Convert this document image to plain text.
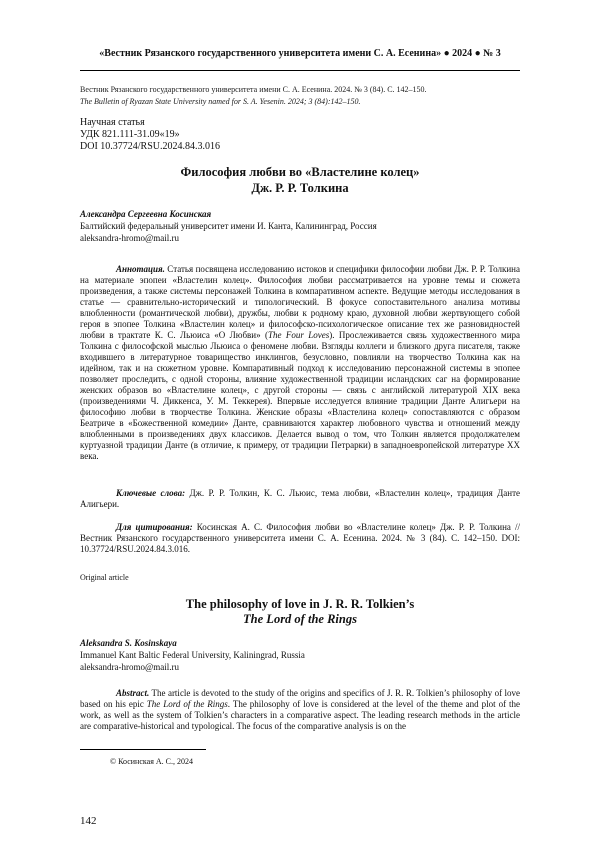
«Вестник Рязанского государственного университета имени С. А. Есенина» ● 2024 ● № 3
Вестник Рязанского государственного университета имени С. А. Есенина. 2024. № 3 (84). С. 142–150.
The Bulletin of Ryazan State University named for S. A. Yesenin. 2024; 3 (84):142–150.
Научная статья
УДК 821.111-31.09«19»
DOI 10.37724/RSU.2024.84.3.016
Философия любви во «Властелине колец»
Дж. Р. Р. Толкина
Александра Сергеевна Косинская
Балтийский федеральный университет имени И. Канта, Калининград, Россия
aleksandra-hromo@mail.ru
Аннотация. Статья посвящена исследованию истоков и специфики философии любви Дж. Р. Р. Толкина на материале эпопеи «Властелин колец». Философия любви рассматривается на уровне темы и сюжета произведения, а также системы персонажей Толкина в компаративном аспекте. Ведущие методы исследования в статье — сравнительно-исторический и типологический. В фокусе сопоставительного анализа мотивы влюбленности (романтической любви), дружбы, любви к родному краю, духовной любви жертвующего собой героя в эпопее Толкина «Властелин колец» и философско-психологическое описание тех же разновидностей любви в трактате К. С. Льюиса «О Любви» (The Four Loves). Прослеживается связь художественного мира Толкина с философской мыслью Льюиса о феномене любви. Взгляды коллеги и близкого друга писателя, также входившего в литературное товарищество инклингов, безусловно, повлияли на творчество Толкина как на идейном, так и на сюжетном уровне. Компаративный подход к исследованию персонажной системы в эпопее позволяет проследить, с одной стороны, влияние художественной традиции исландских саг на формирование женских образов во «Властелине колец», с другой стороны — связь с английской литературой XIX века (произведениями Ч. Диккенса, У. М. Теккерея). Впервые исследуется влияние традиции Данте Алигьери на философию любви в творчестве Толкина. Женские образы «Властелина колец» сопоставляются с образом Беатриче в «Божественной комедии» Данте, сравниваются характер любовного чувства и отношений между влюбленными в произведениях двух классиков. Делается вывод о том, что Толкин является продолжателем куртуазной традиции Данте (в отличие, к примеру, от традиции Петрарки) в западноевропейской литературе XX века.
Ключевые слова: Дж. Р. Р. Толкин, К. С. Льюис, тема любви, «Властелин колец», традиция Данте Алигьери.
Для цитирования: Косинская А. С. Философия любви во «Властелине колец» Дж. Р. Р. Толкина // Вестник Рязанского государственного университета имени С. А. Есенина. 2024. № 3 (84). С. 142–150. DOI: 10.37724/RSU.2024.84.3.016.
Original article
The philosophy of love in J. R. R. Tolkien’s
The Lord of the Rings
Aleksandra S. Kosinskaya
Immanuel Kant Baltic Federal University, Kaliningrad, Russia
aleksandra-hromo@mail.ru
Abstract. The article is devoted to the study of the origins and specifics of J. R. R. Tolkien’s philosophy of love based on his epic The Lord of the Rings. The philosophy of love is considered at the level of the theme and plot of the work, as well as the system of Tolkien’s characters in a comparative aspect. The leading research methods in the article are comparative-historical and typological. The focus of the comparative analysis is on the
© Косинская А. С., 2024
142
